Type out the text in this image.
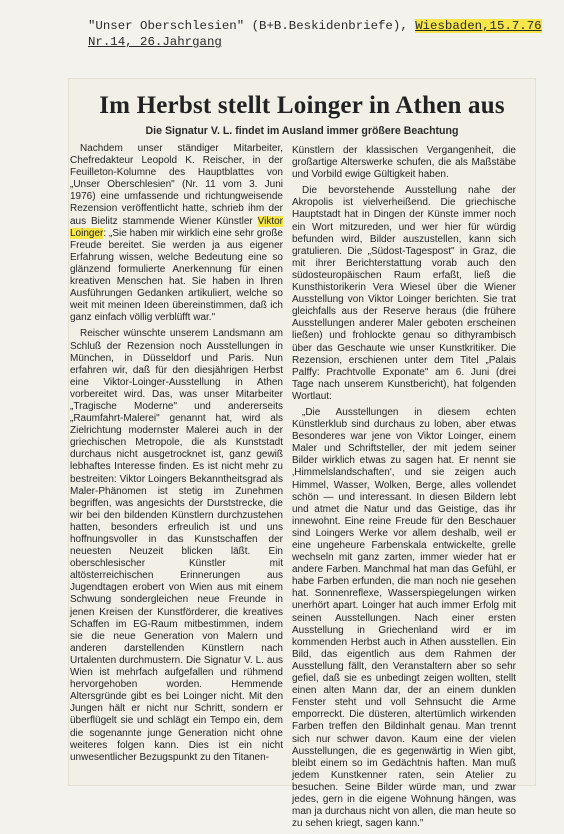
"Unser Oberschlesien" (B+B.Beskidenbriefe), Wiesbaden,15.7.76
Nr.14, 26.Jahrgang
Im Herbst stellt Loinger in Athen aus
Die Signatur V. L. findet im Ausland immer größere Beachtung

Nachdem unser ständiger Mitarbeiter, Chefredakteur Leopold K. Reischer, in der Feuilleton-Kolumne des Hauptblattes von „Unser Oberschlesien" (Nr. 11 vom 3. Juni 1976) eine umfassende und richtungweisende Rezension veröffentlicht hatte, schrieb ihm der aus Bielitz stammende Wiener Künstler Viktor Loinger: „Sie haben mir wirklich eine sehr große Freude bereitet. Sie werden ja aus eigener Erfahrung wissen, welche Bedeutung eine so glänzend formulierte Anerkennung für einen kreativen Menschen hat. Sie haben in Ihren Ausführungen Gedanken artikuliert, welche so weit mit meinen Ideen übereinstimmen, daß ich ganz einfach völlig verblüfft war."

Reischer wünschte unserem Landsmann am Schluß der Rezension noch Ausstellungen in München, in Düsseldorf und Paris. Nun erfahren wir, daß für den diesjährigen Herbst eine Viktor-Loinger-Ausstellung in Athen vorbereitet wird. Das, was unser Mitarbeiter „Tragische Moderne" und andererseits „Raumfahrt-Malerei" genannt hat, wird als Zielrichtung modernster Malerei auch in der griechischen Metropole, die als Kunststadt durchaus nicht ausgetrocknet ist, ganz gewiß lebhaftes Interesse finden. Es ist nicht mehr zu bestreiten: Viktor Loingers Bekanntheitsgrad als Maler-Phänomen ist stetig im Zunehmen begriffen, was angesichts der Durststrecke, die wir bei den bildenden Künstlern durchzustehen hatten, besonders erfreulich ist und uns hoffnungsvoller in das Kunstschaffen der neuesten Neuzeit blicken läßt. Ein oberschlesischer Künstler mit altösterreichischen Erinnerungen aus Jugendtagen erobert von Wien aus mit einem Schwung sondergleichen neue Freunde in jenen Kreisen der Kunstförderer, die kreatives Schaffen im EG-Raum mitbestimmen, indem sie die neue Generation von Malern und anderen darstellenden Künstlern nach Urtalenten durchmustern. Die Signatur V. L. aus Wien ist mehrfach aufgefallen und rühmend hervorgehoben worden. Hemmende Altersgründe gibt es bei Loinger nicht. Mit den Jungen hält er nicht nur Schritt, sondern er überflügelt sie und schlägt ein Tempo ein, dem die sogenannte junge Generation nicht ohne weiteres folgen kann. Dies ist ein nicht unwesentlicher Bezugspunkt zu den Titanen-

Künstlern der klassischen Vergangenheit, die großartige Alterswerke schufen, die als Maßstäbe und Vorbild ewige Gültigkeit haben.

Die bevorstehende Ausstellung nahe der Akropolis ist vielverheißend. Die griechische Hauptstadt hat in Dingen der Künste immer noch ein Wort mitzureden, und wer hier für würdig befunden wird, Bilder auszustellen, kann sich gratulieren. Die „Südost-Tagespost" in Graz, die mit ihrer Berichterstattung vorab auch den südosteuropäischen Raum erfaßt, ließ die Kunsthistorikerin Vera Wiesel über die Wiener Ausstellung von Viktor Loinger berichten. Sie trat gleichfalls aus der Reserve heraus (die frühere Ausstellungen anderer Maler geboten erscheinen ließen) und frohlockte genau so dithyrambisch über das Geschaute wie unser Kunstkritiker. Die Rezension, erschienen unter dem Titel „Palais Palffy: Prachtvolle Exponate" am 6. Juni (drei Tage nach unserem Kunstbericht), hat folgenden Wortlaut:

„Die Ausstellungen in diesem echten Künstlerklub sind durchaus zu loben, aber etwas Besonderes war jene von Viktor Loinger, einem Maler und Schriftsteller, der mit jedem seiner Bilder wirklich etwas zu sagen hat. Er nennt sie ‚Himmelslandschaften', und sie zeigen auch Himmel, Wasser, Wolken, Berge, alles vollendet schön — und interessant. In diesen Bildern lebt und atmet die Natur und das Geistige, das ihr innewohnt. Eine reine Freude für den Beschauer sind Loingers Werke vor allem deshalb, weil er eine ungeheure Farbenskala entwickelte, grelle wechseln mit ganz zarten, immer wieder hat er andere Farben. Manchmal hat man das Gefühl, er habe Farben erfunden, die man noch nie gesehen hat. Sonnenreflexe, Wasserspiegelungen wirken unerhört apart. Loinger hat auch immer Erfolg mit seinen Ausstellungen. Nach einer ersten Ausstellung in Griechenland wird er im kommenden Herbst auch in Athen ausstellen. Ein Bild, das eigentlich aus dem Rahmen der Ausstellung fällt, den Veranstaltern aber so sehr gefiel, daß sie es unbedingt zeigen wollten, stellt einen alten Mann dar, der an einem dunklen Fenster steht und voll Sehnsucht die Arme emporreckt. Die düsteren, altertümlich wirkenden Farben treffen den Bildinhalt genau. Man trennt sich nur schwer davon. Kaum eine der vielen Ausstellungen, die es gegenwärtig in Wien gibt, bleibt einem so im Gedächtnis haften. Man muß jedem Kunstkenner raten, sein Atelier zu besuchen. Seine Bilder würde man, und zwar jedes, gern in die eigene Wohnung hängen, was man ja durchaus nicht von allen, die man heute so zu sehen kriegt, sagen kann."
